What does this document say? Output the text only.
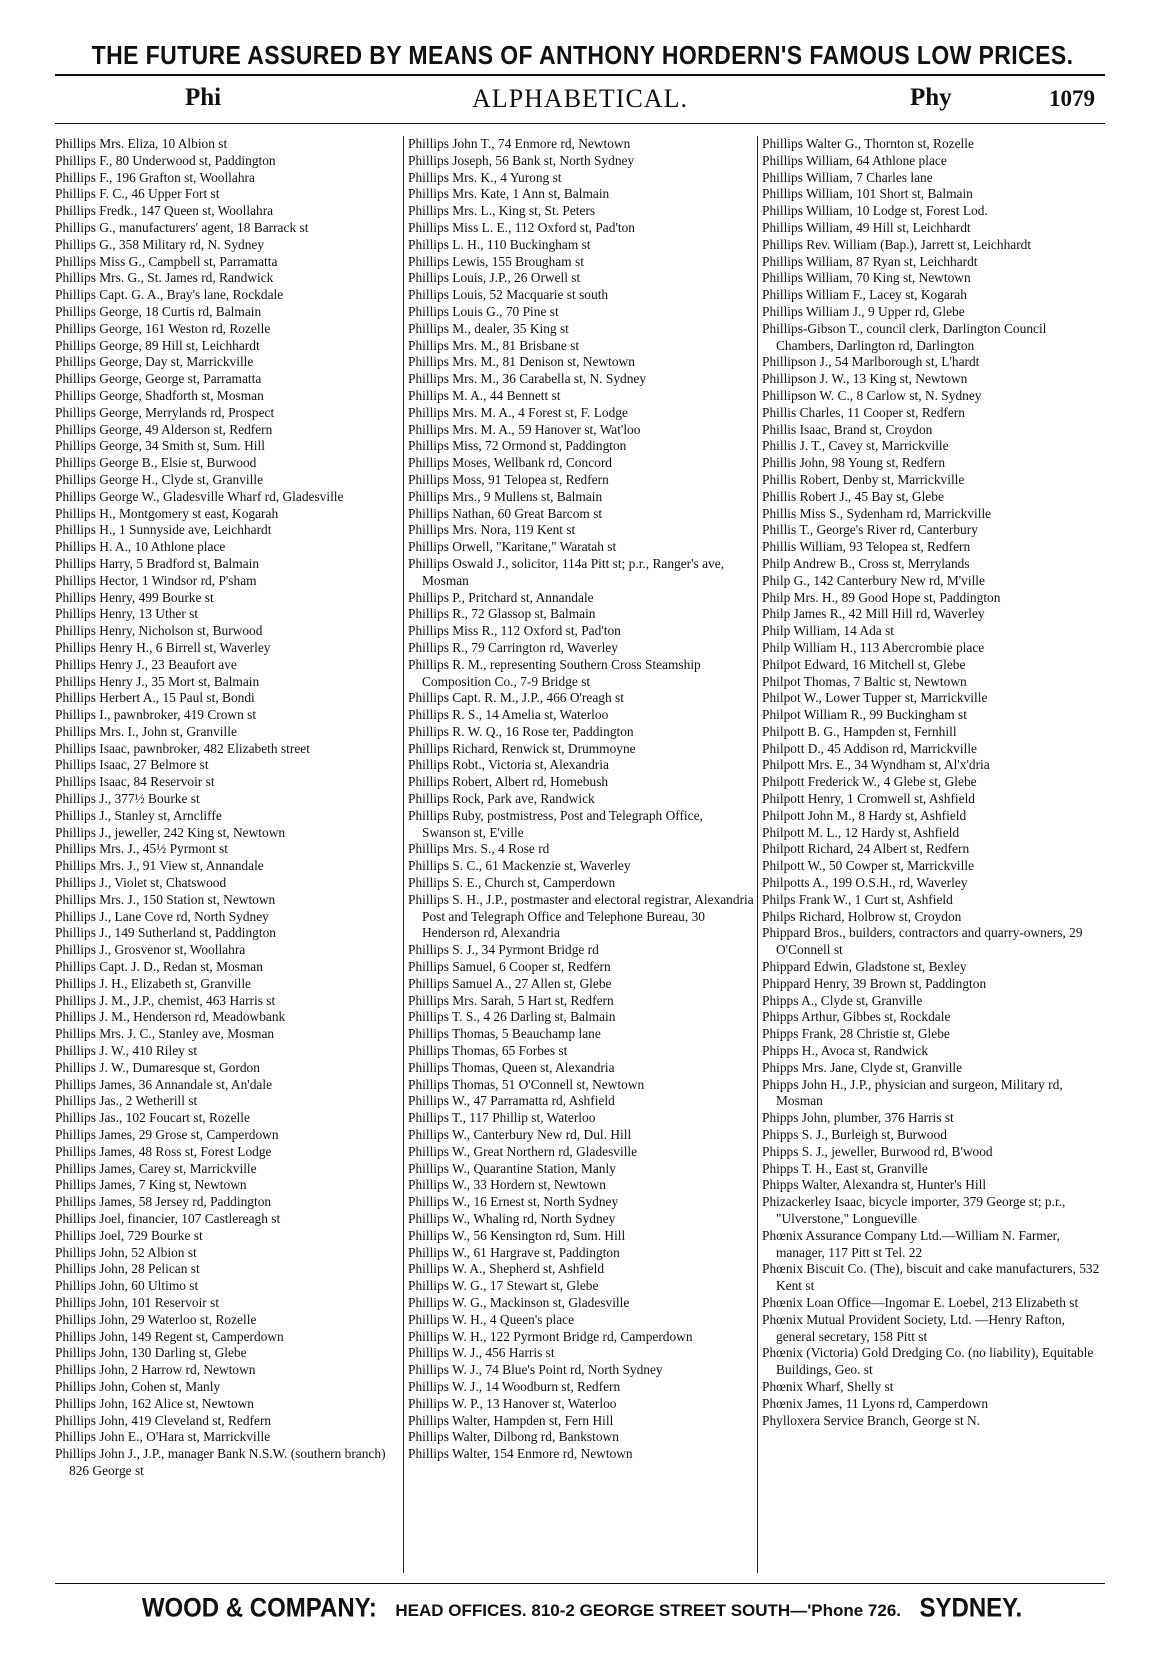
THE FUTURE ASSURED BY MEANS OF ANTHONY HORDERN'S FAMOUS LOW PRICES.
Phi	ALPHABETICAL.	Phy	1079
Phillips Mrs. Eliza, 10 Albion st
Phillips F., 80 Underwood st, Paddington
Phillips F., 196 Grafton st, Woollahra
Phillips F. C., 46 Upper Fort st
Phillips Fredk., 147 Queen st, Woollahra
Phillips G., manufacturers' agent, 18 Barrack st
Phillips G., 358 Military rd, N. Sydney
Phillips Miss G., Campbell st, Parramatta
Phillips Mrs. G., St. James rd, Randwick
Phillips Capt. G. A., Bray's lane, Rockdale
Phillips George, 18 Curtis rd, Balmain
Phillips George, 161 Weston rd, Rozelle
Phillips George, 89 Hill st, Leichhardt
Phillips George, Day st, Marrickville
Phillips George, George st, Parramatta
Phillips George, Shadforth st, Mosman
Phillips George, Merrylands rd, Prospect
Phillips George, 49 Alderson st, Redfern
Phillips George, 34 Smith st, Sum. Hill
Phillips George B., Elsie st, Burwood
Phillips George H., Clyde st, Granville
Phillips George W., Gladesville Wharf rd, Gladesville
Phillips H., Montgomery st east, Kogarah
Phillips H., 1 Sunnyside ave, Leichhardt
Phillips H. A., 10 Athlone place
Phillips Harry, 5 Bradford st, Balmain
Phillips Hector, 1 Windsor rd, P'sham
Phillips Henry, 499 Bourke st
Phillips Henry, 13 Uther st
Phillips Henry, Nicholson st, Burwood
Phillips Henry H., 6 Birrell st, Waverley
Phillips Henry J., 23 Beaufort ave
Phillips Henry J., 35 Mort st, Balmain
Phillips Herbert A., 15 Paul st, Bondi
Phillips I., pawnbroker, 419 Crown st
Phillips Mrs. I., John st, Granville
Phillips Isaac, pawnbroker, 482 Elizabeth street
Phillips Isaac, 27 Belmore st
Phillips Isaac, 84 Reservoir st
Phillips J., 377½ Bourke st
Phillips J., Stanley st, Arncliffe
Phillips J., jeweller, 242 King st, Newtown
Phillips Mrs. J., 45½ Pyrmont st
Phillips Mrs. J., 91 View st, Annandale
Phillips J., Violet st, Chatswood
Phillips Mrs. J., 150 Station st, Newtown
Phillips J., Lane Cove rd, North Sydney
Phillips J., 149 Sutherland st, Paddington
Phillips J., Grosvenor st, Woollahra
Phillips Capt. J. D., Redan st, Mosman
Phillips J. H., Elizabeth st, Granville
Phillips J. M., J.P., chemist, 463 Harris st
Phillips J. M., Henderson rd, Meadowbank
Phillips Mrs. J. C., Stanley ave, Mosman
Phillips J. W., 410 Riley st
Phillips J. W., Dumaresque st, Gordon
Phillips James, 36 Annandale st, An'dale
Phillips Jas., 2 Wetherill st
Phillips Jas., 102 Foucart st, Rozelle
Phillips James, 29 Grose st, Camperdown
Phillips James, 48 Ross st, Forest Lodge
Phillips James, Carey st, Marrickville
Phillips James, 7 King st, Newtown
Phillips James, 58 Jersey rd, Paddington
Phillips Joel, financier, 107 Castlereagh st
Phillips Joel, 729 Bourke st
Phillips John, 52 Albion st
Phillips John, 28 Pelican st
Phillips John, 60 Ultimo st
Phillips John, 101 Reservoir st
Phillips John, 29 Waterloo st, Rozelle
Phillips John, 149 Regent st, Camperdown
Phillips John, 130 Darling st, Glebe
Phillips John, 2 Harrow rd, Newtown
Phillips John, Cohen st, Manly
Phillips John, 162 Alice st, Newtown
Phillips John, 419 Cleveland st, Redfern
Phillips John E., O'Hara st, Marrickville
Phillips John J., J.P., manager Bank N.S.W. (southern branch) 826 George st
Phillips John T., 74 Enmore rd, Newtown
Phillips Joseph, 56 Bank st, North Sydney
Phillips Mrs. K., 4 Yurong st
Phillips Mrs. Kate, 1 Ann st, Balmain
Phillips Mrs. L., King st, St. Peters
Phillips Miss L. E., 112 Oxford st, Pad'ton
Phillips L. H., 110 Buckingham st
Phillips Lewis, 155 Brougham st
Phillips Louis, J.P., 26 Orwell st
Phillips Louis, 52 Macquarie st south
Phillips Louis G., 70 Pine st
Phillips M., dealer, 35 King st
Phillips Mrs. M., 81 Brisbane st
Phillips Mrs. M., 81 Denison st, Newtown
Phillips Mrs. M., 36 Carabella st, N. Sydney
Phillips M. A., 44 Bennett st
Phillips Mrs. M. A., 4 Forest st, F. Lodge
Phillips Mrs. M. A., 59 Hanover st, Wat'loo
Phillips Miss, 72 Ormond st, Paddington
Phillips Moses, Wellbank rd, Concord
Phillips Moss, 91 Telopea st, Redfern
Phillips Mrs., 9 Mullens st, Balmain
Phillips Nathan, 60 Great Barcom st
Phillips Mrs. Nora, 119 Kent st
Phillips Orwell, "Karitane," Waratah st
Phillips Oswald J., solicitor, 114a Pitt st; p.r., Ranger's ave, Mosman
Phillips P., Pritchard st, Annandale
Phillips R., 72 Glassop st, Balmain
Phillips Miss R., 112 Oxford st, Pad'ton
Phillips R., 79 Carrington rd, Waverley
Phillips R. M., representing Southern Cross Steamship Composition Co., 7-9 Bridge st
Phillips Capt. R. M., J.P., 466 O'reagh st
Phillips R. S., 14 Amelia st, Waterloo
Phillips R. W. Q., 16 Rose ter, Paddington
Phillips Richard, Renwick st, Drummoyne
Phillips Robt., Victoria st, Alexandria
Phillips Robert, Albert rd, Homebush
Phillips Rock, Park ave, Randwick
Phillips Ruby, postmistress, Post and Telegraph Office, Swanson st, E'ville
Phillips Mrs. S., 4 Rose rd
Phillips S. C., 61 Mackenzie st, Waverley
Phillips S. E., Church st, Camperdown
Phillips S. H., J.P., postmaster and electoral registrar, Alexandria Post and Telegraph Office and Telephone Bureau, 30 Henderson rd, Alexandria
Phillips S. J., 34 Pyrmont Bridge rd
Phillips Samuel, 6 Cooper st, Redfern
Phillips Samuel A., 27 Allen st, Glebe
Phillips Mrs. Sarah, 5 Hart st, Redfern
Phillips T. S., 4 26 Darling st, Balmain
Phillips Thomas, 5 Beauchamp lane
Phillips Thomas, 65 Forbes st
Phillips Thomas, Queen st, Alexandria
Phillips Thomas, 51 O'Connell st, Newtown
Phillips W., 47 Parramatta rd, Ashfield
Phillips T., 117 Phillip st, Waterloo
Phillips W., Canterbury New rd, Dul. Hill
Phillips W., Great Northern rd, Gladesville
Phillips W., Quarantine Station, Manly
Phillips W., 33 Hordern st, Newtown
Phillips W., 16 Ernest st, North Sydney
Phillips W., Whaling rd, North Sydney
Phillips W., 56 Kensington rd, Sum. Hill
Phillips W., 61 Hargrave st, Paddington
Phillips W. A., Shepherd st, Ashfield
Phillips W. G., 17 Stewart st, Glebe
Phillips W. G., Mackinson st, Gladesville
Phillips W. H., 4 Queen's place
Phillips W. H., 122 Pyrmont Bridge rd, Camperdown
Phillips W. J., 456 Harris st
Phillips W. J., 74 Blue's Point rd, North Sydney
Phillips W. J., 14 Woodburn st, Redfern
Phillips W. P., 13 Hanover st, Waterloo
Phillips Walter, Hampden st, Fern Hill
Phillips Walter, Dilbong rd, Bankstown
Phillips Walter, 154 Enmore rd, Newtown
Phillips Walter G., Thornton st, Rozelle
Phillips William, 64 Athlone place
Phillips William, 7 Charles lane
Phillips William, 101 Short st, Balmain
Phillips William, 10 Lodge st, Forest Lod.
Phillips William, 49 Hill st, Leichhardt
Phillips Rev. William (Bap.), Jarrett st, Leichhardt
Phillips William, 87 Ryan st, Leichhardt
Phillips William, 70 King st, Newtown
Phillips William F., Lacey st, Kogarah
Phillips William J., 9 Upper rd, Glebe
Phillips-Gibson T., council clerk, Darlington Council Chambers, Darlington rd, Darlington
Phillipson J., 54 Marlborough st, L'hardt
Phillipson J. W., 13 King st, Newtown
Phillipson W. C., 8 Carlow st, N. Sydney
Phillis Charles, 11 Cooper st, Redfern
Phillis Isaac, Brand st, Croydon
Phillis J. T., Cavey st, Marrickville
Phillis John, 98 Young st, Redfern
Phillis Robert, Denby st, Marrickville
Phillis Robert J., 45 Bay st, Glebe
Phillis Miss S., Sydenham rd, Marrickville
Phillis T., George's River rd, Canterbury
Phillis William, 93 Telopea st, Redfern
Philp Andrew B., Cross st, Merrylands
Philp G., 142 Canterbury New rd, M'ville
Philp Mrs. H., 89 Good Hope st, Paddington
Philp James R., 42 Mill Hill rd, Waverley
Philp William, 14 Ada st
Philp William H., 113 Abercrombie place
Philpot Edward, 16 Mitchell st, Glebe
Philpot Thomas, 7 Baltic st, Newtown
Philpot W., Lower Tupper st, Marrickville
Philpot William R., 99 Buckingham st
Philpott B. G., Hampden st, Fernhill
Philpott D., 45 Addison rd, Marrickville
Philpott Mrs. E., 34 Wyndham st, Al'x'dria
Philpott Frederick W., 4 Glebe st, Glebe
Philpott Henry, 1 Cromwell st, Ashfield
Philpott John M., 8 Hardy st, Ashfield
Philpott M. L., 12 Hardy st, Ashfield
Philpott Richard, 24 Albert st, Redfern
Philpott W., 50 Cowper st, Marrickville
Philpotts A., 199 O.S.H., rd, Waverley
Philps Frank W., 1 Curt st, Ashfield
Philps Richard, Holbrow st, Croydon
Phippard Bros., builders, contractors and quarry-owners, 29 O'Connell st
Phippard Edwin, Gladstone st, Bexley
Phippard Henry, 39 Brown st, Paddington
Phipps A., Clyde st, Granville
Phipps Arthur, Gibbes st, Rockdale
Phipps Frank, 28 Christie st, Glebe
Phipps H., Avoca st, Randwick
Phipps Mrs. Jane, Clyde st, Granville
Phipps John H., J.P., physician and surgeon, Military rd, Mosman
Phipps John, plumber, 376 Harris st
Phipps S. J., Burleigh st, Burwood
Phipps S. J., jeweller, Burwood rd, B'wood
Phipps T. H., East st, Granville
Phipps Walter, Alexandra st, Hunter's Hill
Phizackerley Isaac, bicycle importer, 379 George st; p.r., "Ulverstone," Longueville
Phœnix Assurance Company Ltd.—William N. Farmer, manager, 117 Pitt st Tel. 22
Phœnix Biscuit Co. (The), biscuit and cake manufacturers, 532 Kent st
Phœnix Loan Office—Ingomar E. Loebel, 213 Elizabeth st
Phœnix Mutual Provident Society, Ltd. —Henry Rafton, general secretary, 158 Pitt st
Phœnix (Victoria) Gold Dredging Co. (no liability), Equitable Buildings, Geo. st
Phœnix Wharf, Shelly st
Phœnix James, 11 Lyons rd, Camperdown
Phylloxera Service Branch, George st N.
WOOD & COMPANY: HEAD OFFICES. 810-2 GEORGE STREET SOUTH—'Phone 726. SYDNEY.
